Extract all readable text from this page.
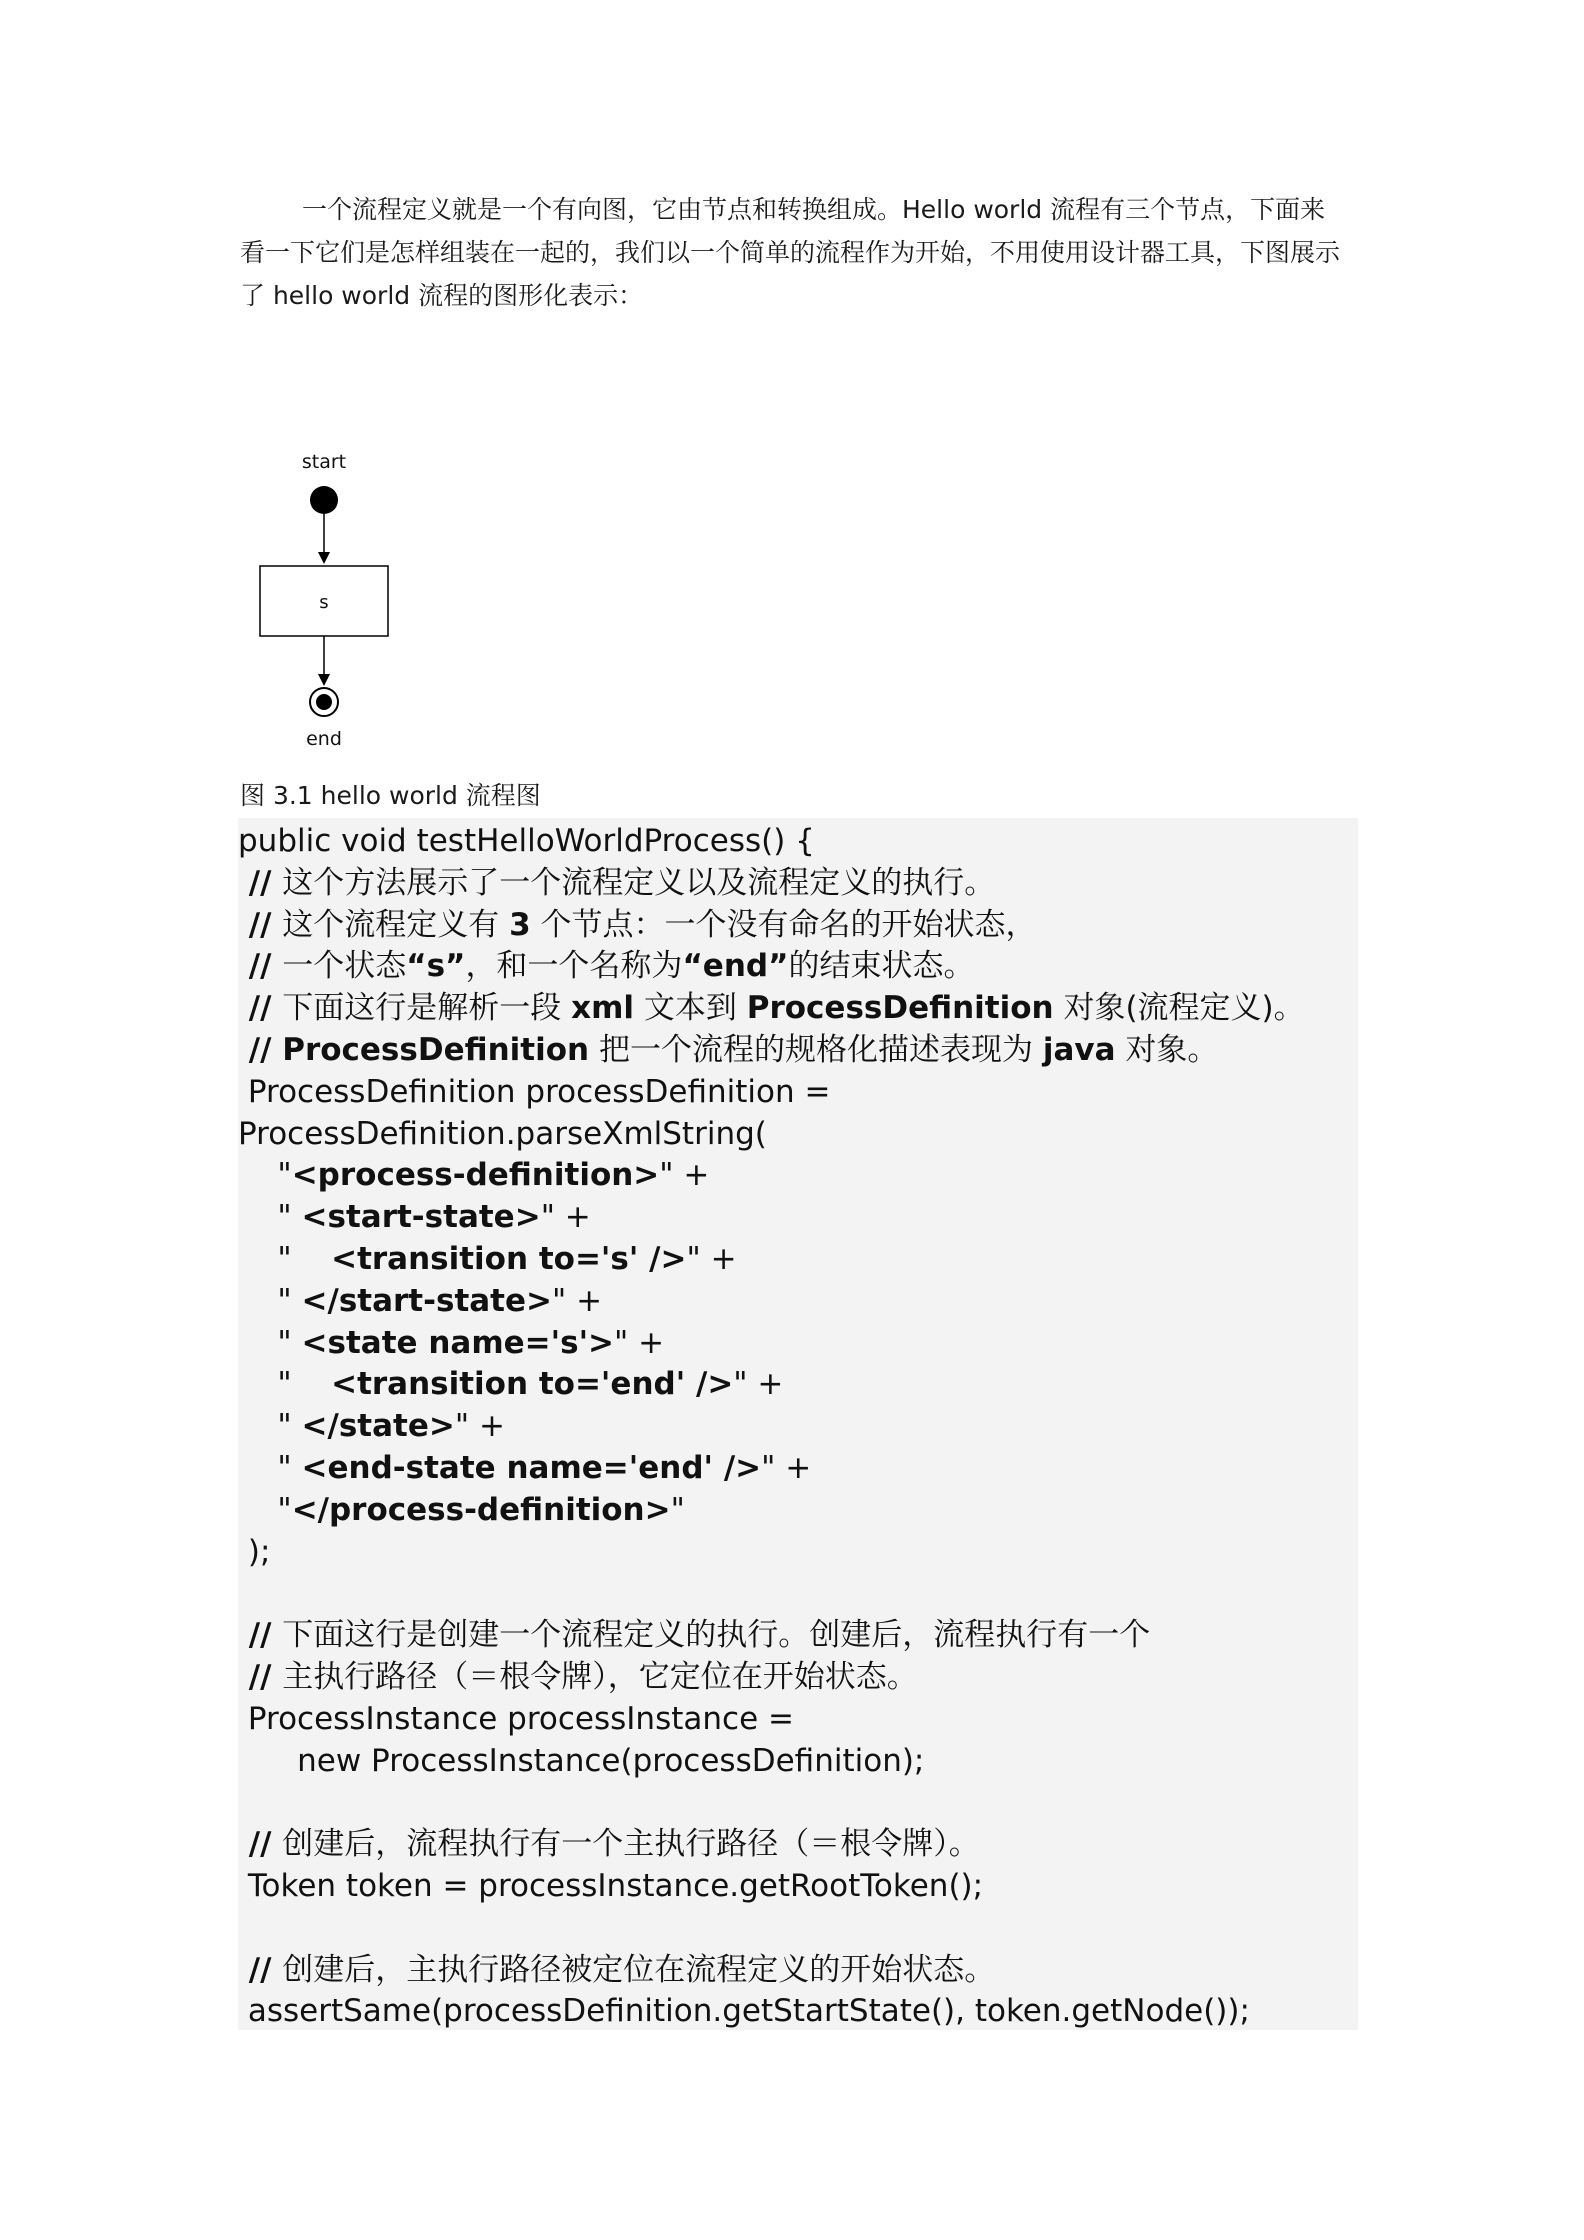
一个流程定义就是一个有向图，它由节点和转换组成。Hello world 流程有三个节点，下面来看一下它们是怎样组装在一起的，我们以一个简单的流程作为开始，不用使用设计器工具，下图展示了 hello world 流程的图形化表示：

start
s
end

图 3.1 hello world 流程图

public void testHelloWorldProcess() {
// 这个方法展示了一个流程定义以及流程定义的执行。
// 这个流程定义有 3 个节点：一个没有命名的开始状态，
// 一个状态“s”，和一个名称为“end”的结束状态。
// 下面这行是解析一段 xml 文本到 ProcessDefinition 对象(流程定义)。
// ProcessDefinition 把一个流程的规格化描述表现为 java 对象。
ProcessDefinition processDefinition =
ProcessDefinition.parseXmlString(
"<process-definition>" +
" <start-state>" +
"    <transition to='s' />" +
" </start-state>" +
" <state name='s'>" +
"    <transition to='end' />" +
" </state>" +
" <end-state name='end' />" +
"</process-definition>"
);
// 下面这行是创建一个流程定义的执行。创建后，流程执行有一个
// 主执行路径（＝根令牌），它定位在开始状态。
ProcessInstance processInstance =
new ProcessInstance(processDefinition);
// 创建后，流程执行有一个主执行路径（＝根令牌）。
Token token = processInstance.getRootToken();
// 创建后，主执行路径被定位在流程定义的开始状态。
assertSame(processDefinition.getStartState(), token.getNode());
